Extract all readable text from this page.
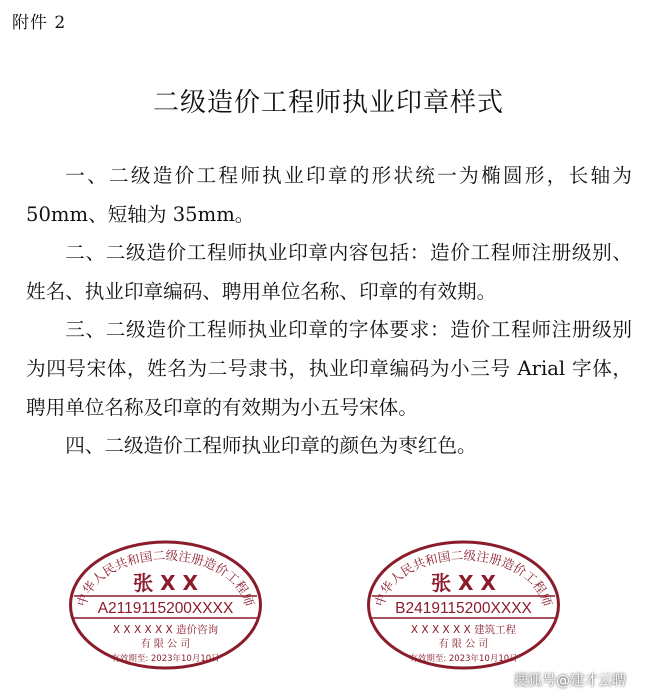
附件 2
二级造价工程师执业印章样式

一、二级造价工程师执业印章的形状统一为椭圆形，长轴为 50mm、短轴为 35mm。

二、二级造价工程师执业印章内容包括：造价工程师注册级别、姓名、执业印章编码、聘用单位名称、印章的有效期。

三、二级造价工程师执业印章的字体要求：造价工程师注册级别为四号宋体，姓名为二号隶书，执业印章编码为小三号 Arial 字体，聘用单位名称及印章的有效期为小五号宋体。

四、二级造价工程师执业印章的颜色为枣红色。

中华人民共和国二级注册造价工程师
张 X X
A2119115200XXXX
X X X X X X 造价咨询
有 限 公 司
有效期至: 2023年10月10日
中华人民共和国二级注册造价工程师
张 X X
B2419115200XXXX
X X X X X X 建筑工程
有 限 公 司
有效期至: 2023年10月10日
搜狐号@建才云聘
